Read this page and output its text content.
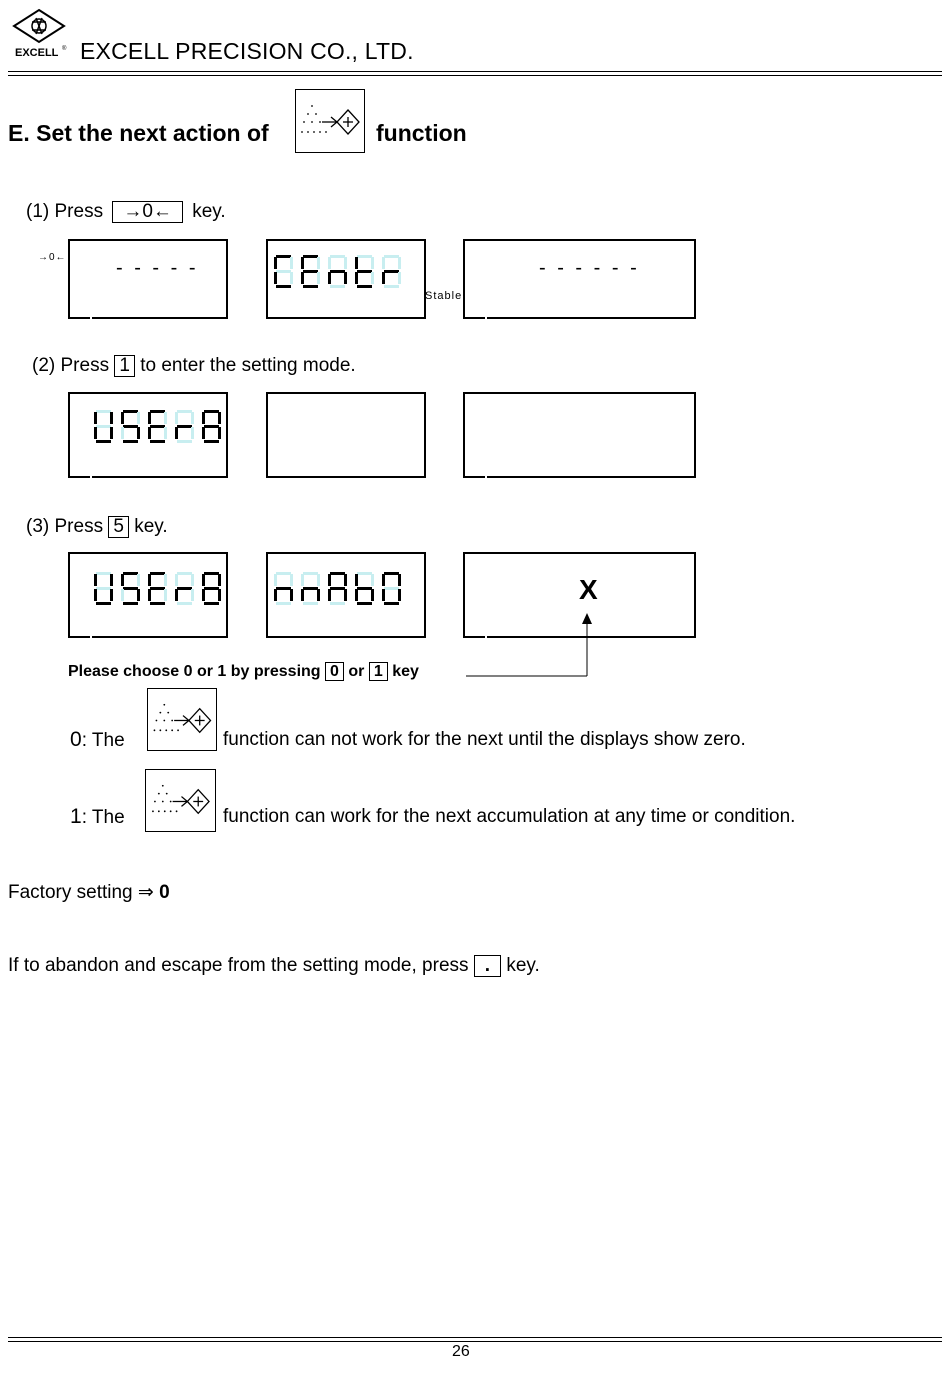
EXCELL ® EXCELL PRECISION CO., LTD.
E. Set the next action of	function
(1) Press →0← key.
→0← - - - - -
Stable
- - - - - -
(2) Press 1 to enter the setting mode.
(3) Press 5 key.
X
Please choose 0 or 1 by pressing 0 or 1 key
0: The	function can not work for the next until the displays show zero.
1: The	function can work for the next accumulation at any time or condition.
Factory setting ⇒ 0
If to abandon and escape from the setting mode, press . key.
26
